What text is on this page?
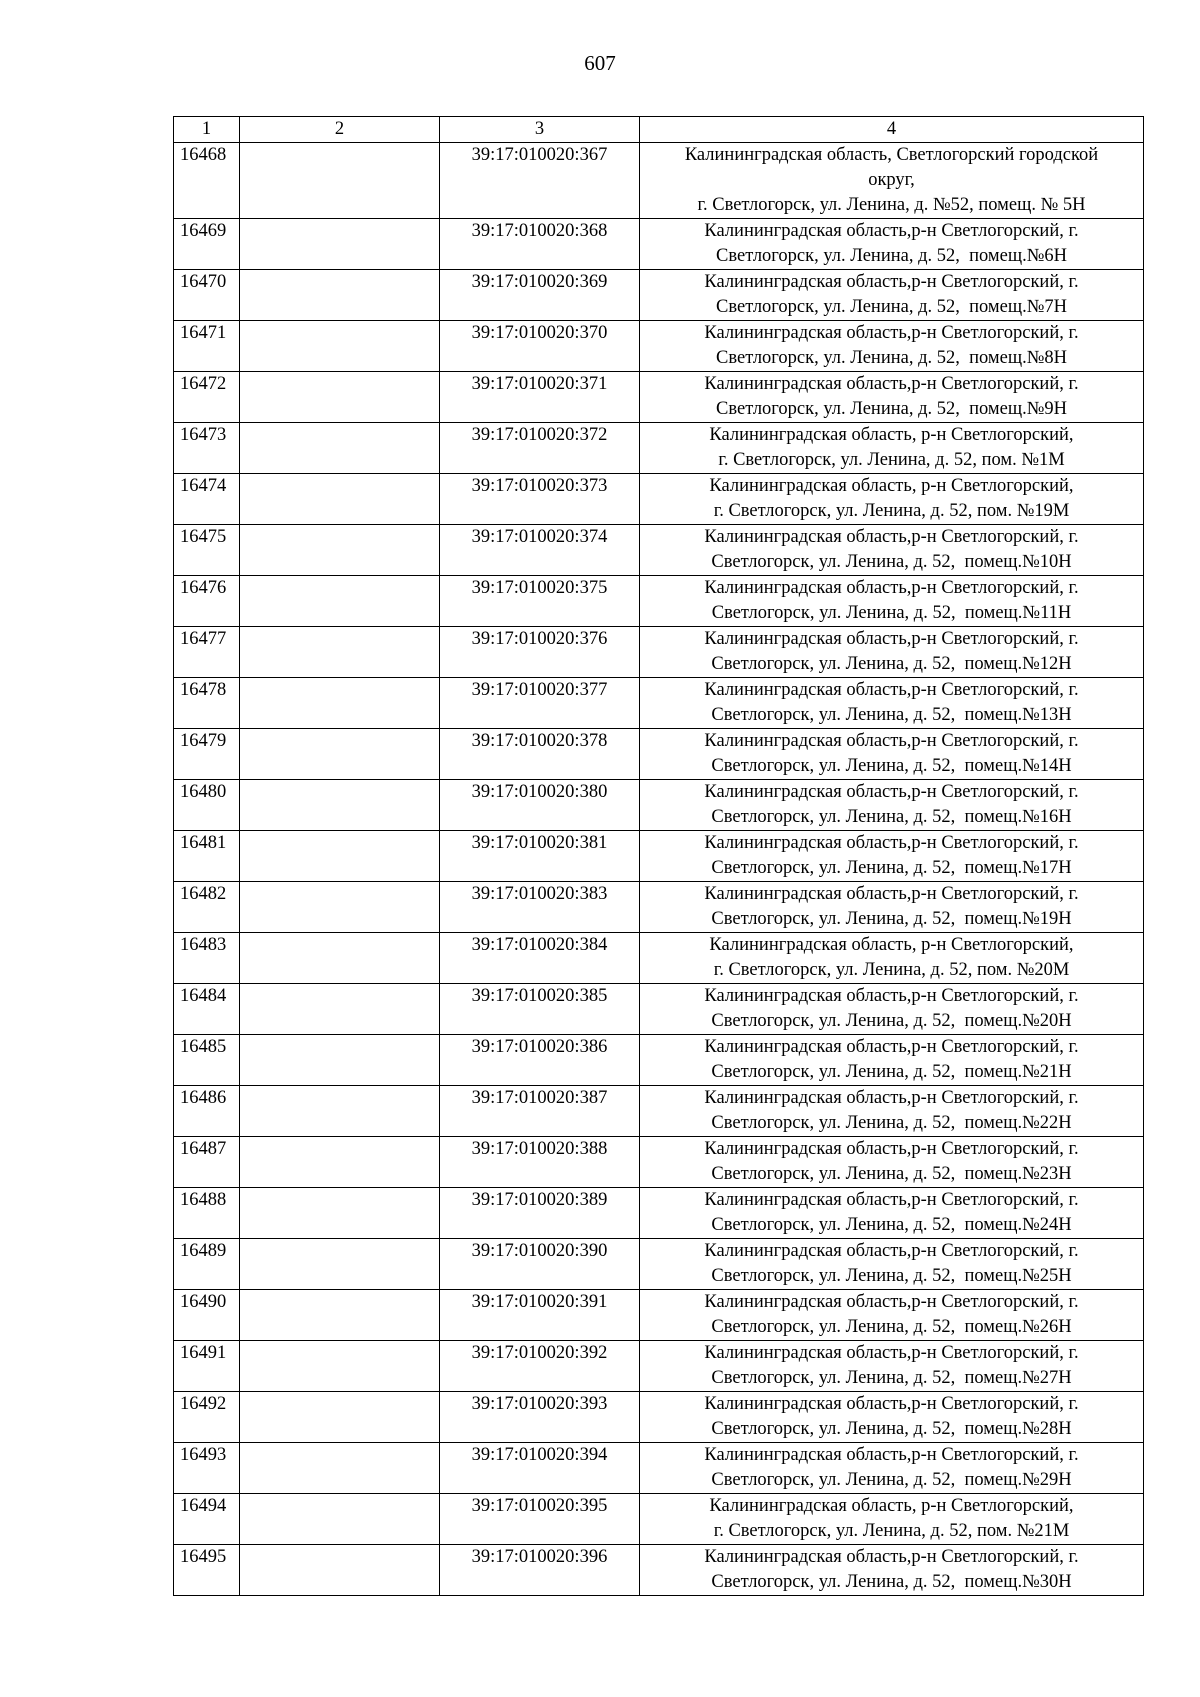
607
1	2	3	4
16468		39:17:010020:367	Калининградская область, Светлогорский городской
округ,
г. Светлогорск, ул. Ленина, д. №52, помещ. № 5Н

16469		39:17:010020:368	Калининградская область,р-н Светлогорский, г.
Светлогорск, ул. Ленина, д. 52,  помещ.№6Н

16470		39:17:010020:369	Калининградская область,р-н Светлогорский, г.
Светлогорск, ул. Ленина, д. 52,  помещ.№7Н

16471		39:17:010020:370	Калининградская область,р-н Светлогорский, г.
Светлогорск, ул. Ленина, д. 52,  помещ.№8Н

16472		39:17:010020:371	Калининградская область,р-н Светлогорский, г.
Светлогорск, ул. Ленина, д. 52,  помещ.№9Н

16473		39:17:010020:372	Калининградская область, р-н Светлогорский,
г. Светлогорск, ул. Ленина, д. 52, пом. №1М

16474		39:17:010020:373	Калининградская область, р-н Светлогорский,
г. Светлогорск, ул. Ленина, д. 52, пом. №19М

16475		39:17:010020:374	Калининградская область,р-н Светлогорский, г.
Светлогорск, ул. Ленина, д. 52,  помещ.№10Н

16476		39:17:010020:375	Калининградская область,р-н Светлогорский, г.
Светлогорск, ул. Ленина, д. 52,  помещ.№11Н

16477		39:17:010020:376	Калининградская область,р-н Светлогорский, г.
Светлогорск, ул. Ленина, д. 52,  помещ.№12Н

16478		39:17:010020:377	Калининградская область,р-н Светлогорский, г.
Светлогорск, ул. Ленина, д. 52,  помещ.№13Н

16479		39:17:010020:378	Калининградская область,р-н Светлогорский, г.
Светлогорск, ул. Ленина, д. 52,  помещ.№14Н

16480		39:17:010020:380	Калининградская область,р-н Светлогорский, г.
Светлогорск, ул. Ленина, д. 52,  помещ.№16Н

16481		39:17:010020:381	Калининградская область,р-н Светлогорский, г.
Светлогорск, ул. Ленина, д. 52,  помещ.№17Н

16482		39:17:010020:383	Калининградская область,р-н Светлогорский, г.
Светлогорск, ул. Ленина, д. 52,  помещ.№19Н

16483		39:17:010020:384	Калининградская область, р-н Светлогорский,
г. Светлогорск, ул. Ленина, д. 52, пом. №20М

16484		39:17:010020:385	Калининградская область,р-н Светлогорский, г.
Светлогорск, ул. Ленина, д. 52,  помещ.№20Н

16485		39:17:010020:386	Калининградская область,р-н Светлогорский, г.
Светлогорск, ул. Ленина, д. 52,  помещ.№21Н

16486		39:17:010020:387	Калининградская область,р-н Светлогорский, г.
Светлогорск, ул. Ленина, д. 52,  помещ.№22Н

16487		39:17:010020:388	Калининградская область,р-н Светлогорский, г.
Светлогорск, ул. Ленина, д. 52,  помещ.№23Н

16488		39:17:010020:389	Калининградская область,р-н Светлогорский, г.
Светлогорск, ул. Ленина, д. 52,  помещ.№24Н

16489		39:17:010020:390	Калининградская область,р-н Светлогорский, г.
Светлогорск, ул. Ленина, д. 52,  помещ.№25Н

16490		39:17:010020:391	Калининградская область,р-н Светлогорский, г.
Светлогорск, ул. Ленина, д. 52,  помещ.№26Н

16491		39:17:010020:392	Калининградская область,р-н Светлогорский, г.
Светлогорск, ул. Ленина, д. 52,  помещ.№27Н

16492		39:17:010020:393	Калининградская область,р-н Светлогорский, г.
Светлогорск, ул. Ленина, д. 52,  помещ.№28Н

16493		39:17:010020:394	Калининградская область,р-н Светлогорский, г.
Светлогорск, ул. Ленина, д. 52,  помещ.№29Н

16494		39:17:010020:395	Калининградская область, р-н Светлогорский,
г. Светлогорск, ул. Ленина, д. 52, пом. №21М

16495		39:17:010020:396	Калининградская область,р-н Светлогорский, г.
Светлогорск, ул. Ленина, д. 52,  помещ.№30Н
